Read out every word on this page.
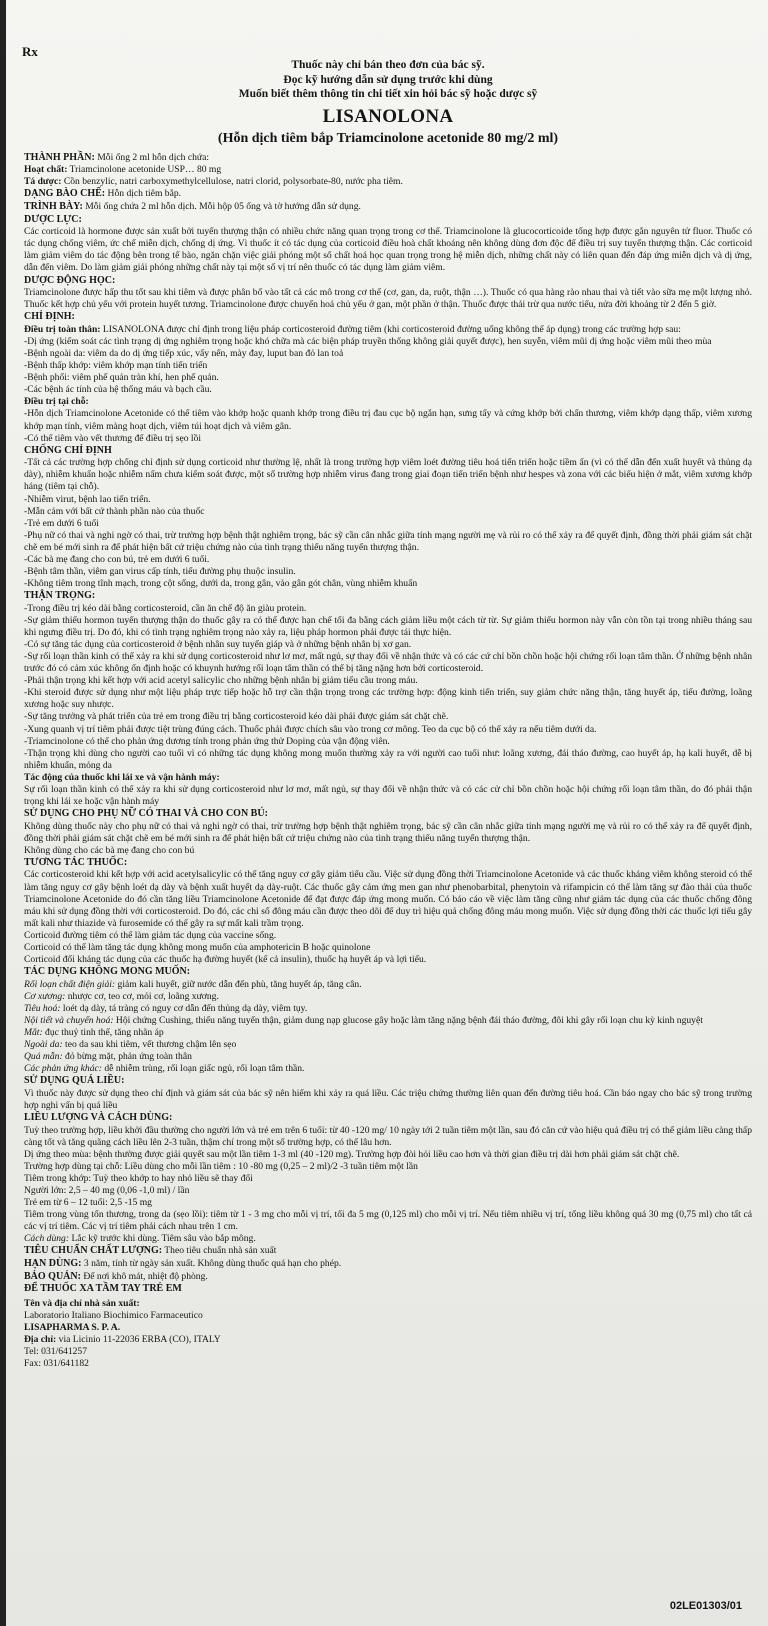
Rx
Thuốc này chỉ bán theo đơn của bác sỹ.
Đọc kỹ hướng dẫn sử dụng trước khi dùng
Muốn biết thêm thông tin chi tiết xin hỏi bác sỹ hoặc dược sỹ
LISANOLONA
(Hỗn dịch tiêm bắp Triamcinolone acetonide 80 mg/2 ml)

THÀNH PHẦN: Mỗi ống 2 ml hỗn dịch chứa:

Hoạt chất: Triamcinolone acetonide USP… 80 mg

Tá dược: Cồn benzylic, natri carboxymethylcellulose, natri clorid, polysorbate-80, nước pha tiêm.

DẠNG BÀO CHẾ: Hỗn dịch tiêm bắp.

TRÌNH BÀY: Mỗi ống chứa 2 ml hỗn dịch. Mỗi hộp 05 ống và tờ hướng dẫn sử dụng.

DƯỢC LỰC:

Các corticoid là hormone được sản xuất bởi tuyến thượng thận có nhiều chức năng quan trọng trong cơ thể. Triamcinolone là glucocorticoide tổng hợp được gắn nguyên tử fluor. Thuốc có tác dụng chống viêm, ức chế miễn dịch, chống dị ứng. Vì thuốc ít có tác dụng của corticoid điều hoà chất khoáng nên không dùng đơn độc để điều trị suy tuyến thượng thận. Các corticoid làm giảm viêm do tác động bên trong tế bào, ngăn chặn việc giải phóng một số chất hoá học quan trọng trong hệ miễn dịch, những chất này có liên quan đến đáp ứng miễn dịch và dị ứng, dẫn đến viêm. Do làm giảm giải phóng những chất này tại một số vị trí nên thuốc có tác dụng làm giảm viêm.

DƯỢC ĐỘNG HỌC:

Triamcinolone được hấp thu tốt sau khi tiêm và được phân bố vào tất cả các mô trong cơ thể (cơ, gan, da, ruột, thận …). Thuốc có qua hàng rào nhau thai và tiết vào sữa mẹ một lượng nhỏ. Thuốc kết hợp chủ yếu với protein huyết tương. Triamcinolone được chuyển hoá chủ yếu ở gan, một phần ở thận. Thuốc được thải trừ qua nước tiểu, nửa đời khoảng từ 2 đến 5 giờ.

CHỈ ĐỊNH:

Điều trị toàn thân: LISANOLONA được chỉ định trong liệu pháp corticosteroid đường tiêm (khi corticosteroid đường uống không thể áp dụng) trong các trường hợp sau:

-Dị ứng (kiểm soát các tình trạng dị ứng nghiêm trọng hoặc khó chữa mà các biện pháp truyền thống không giải quyết được), hen suyễn, viêm mũi dị ứng hoặc viêm mũi theo mùa

-Bệnh ngoài da: viêm da do dị ứng tiếp xúc, vẩy nến, mày đay, luput ban đỏ lan toả

-Bệnh thấp khớp: viêm khớp mạn tính tiến triển

-Bệnh phổi: viêm phế quản tràn khí, hen phế quản.

-Các bệnh ác tính của hệ thống máu và bạch cầu.

Điều trị tại chỗ:

-Hỗn dịch Triamcinolone Acetonide có thể tiêm vào khớp hoặc quanh khớp trong điều trị đau cục bộ ngắn hạn, sưng tấy và cứng khớp bởi chấn thương, viêm khớp dạng thấp, viêm xương khớp mạn tính, viêm màng hoạt dịch, viêm túi hoạt dịch và viêm gân.

-Có thể tiêm vào vết thương để điều trị sẹo lồi

CHỐNG CHỈ ĐỊNH

-Tất cả các trường hợp chống chỉ định sử dụng corticoid như thường lệ, nhất là trong trường hợp viêm loét đường tiêu hoá tiến triển hoặc tiềm ẩn (vì có thể dẫn đến xuất huyết và thủng dạ dày), nhiễm khuẩn hoặc nhiễm nấm chưa kiểm soát được, một số trường hợp nhiễm virus đang trong giai đoạn tiến triển bệnh như hespes và zona với các biểu hiện ở mắt, viêm xương khớp háng (tiêm tại chỗ).

-Nhiễm virut, bệnh lao tiến triển.

-Mẫn cảm với bất cứ thành phần nào của thuốc

-Trẻ em dưới 6 tuổi

-Phụ nữ có thai và nghi ngờ có thai, trừ trường hợp bệnh thật nghiêm trọng, bác sỹ cần cân nhắc giữa tính mạng người mẹ và rủi ro có thể xảy ra để quyết định, đồng thời phải giám sát chặt chẽ em bé mới sinh ra để phát hiện bất cứ triệu chứng nào của tình trạng thiểu năng tuyến thượng thận.

-Các bà mẹ đang cho con bú, trẻ em dưới 6 tuổi.

-Bệnh tâm thần, viêm gan virus cấp tính, tiểu đường phụ thuộc insulin.

-Không tiêm trong tĩnh mạch, trong cột sống, dưới da, trong gân, vào gân gót chân, vùng nhiễm khuẩn

THẬN TRỌNG:

-Trong điều trị kéo dài bằng corticosteroid, cần ăn chế độ ăn giàu protein.

-Sự giảm thiểu hormon tuyến thượng thận do thuốc gây ra có thể được hạn chế tối đa bằng cách giảm liều một cách từ từ. Sự giảm thiểu hormon này vẫn còn tồn tại trong nhiều tháng sau khi ngưng điều trị. Do đó, khi có tình trạng nghiêm trọng nào xảy ra, liệu pháp hormon phải được tái thực hiện.

-Có sự tăng tác dụng của corticosteroid ở bệnh nhân suy tuyến giáp và ở những bệnh nhân bị xơ gan.

-Sự rối loạn thần kinh có thể xảy ra khi sử dụng corticosteroid như lơ mơ, mất ngủ, sự thay đổi về nhận thức và có các cứ chỉ bồn chồn hoặc hội chứng rối loạn tâm thần. Ở những bệnh nhân trước đó có cảm xúc không ổn định hoặc có khuynh hướng rối loạn tâm thần có thể bị tăng nặng hơn bởi corticosteroid.

-Phải thận trọng khi kết hợp với acid acetyl salicylic cho những bệnh nhân bị giảm tiểu cầu trong máu.

-Khi steroid được sử dụng như một liệu pháp trực tiếp hoặc hỗ trợ cần thận trọng trong các trường hợp: động kinh tiến triển, suy giảm chức năng thận, tăng huyết áp, tiểu đường, loãng xương hoặc suy nhược.

-Sự tăng trưởng và phát triển của trẻ em trong điều trị bằng corticosteroid kéo dài phải được giám sát chặt chẽ.

-Xung quanh vị trí tiêm phải được tiệt trùng đúng cách. Thuốc phải được chích sâu vào trong cơ mông. Teo da cục bộ có thể xảy ra nếu tiêm dưới da.

-Triamcinolone có thể cho phản ứng dương tính trong phản ứng thử Doping của vận động viên.

-Thận trọng khi dùng cho người cao tuổi vì có những tác dụng không mong muốn thường xảy ra với người cao tuổi như: loãng xương, đái tháo đường, cao huyết áp, hạ kali huyết, dễ bị nhiễm khuẩn, mỏng da

Tác động của thuốc khi lái xe và vận hành máy:

Sự rối loạn thần kinh có thể xảy ra khi sử dụng corticosteroid như lơ mơ, mất ngủ, sự thay đổi về nhận thức và có các cử chỉ bồn chồn hoặc hội chứng rối loạn tâm thần, do đó phải thận trọng khi lái xe hoặc vận hành máy

SỬ DỤNG CHO PHỤ NỮ CÓ THAI VÀ CHO CON BÚ:

Không dùng thuốc này cho phụ nữ có thai và nghi ngờ có thai, trừ trường hợp bệnh thật nghiêm trọng, bác sỹ cần cân nhắc giữa tính mạng người mẹ và rủi ro có thể xảy ra để quyết định, đồng thời phải giám sát chặt chẽ em bé mới sinh ra để phát hiện bất cứ triệu chứng nào của tình trạng thiểu năng tuyến thượng thận.

Không dùng cho các bà mẹ đang cho con bú

TƯƠNG TÁC THUỐC:

Các corticosteroid khi kết hợp với acid acetylsalicylic có thể tăng nguy cơ gây giảm tiểu cầu. Việc sử dụng đồng thời Triamcinolone Acetonide và các thuốc kháng viêm không steroid có thể làm tăng nguy cơ gây bệnh loét dạ dày và bệnh xuất huyết dạ dày-ruột. Các thuốc gây cảm ứng men gan như phenobarbital, phenytoin và rifampicin có thể làm tăng sự đào thải của thuốc Triamcinolone Acetonide do đó cần tăng liều Triamcinolone Acetonide để đạt được đáp ứng mong muốn. Có báo cáo về việc làm tăng cũng như giảm tác dụng của các thuốc chống đông máu khi sử dụng đồng thời với corticosteroid. Do đó, các chỉ số đông máu cần được theo dõi để duy trì hiệu quả chống đông máu mong muốn. Việc sử dụng đồng thời các thuốc lợi tiểu gây mất kali như thiazide và furosemide có thể gây ra sự mất kali trầm trọng.

Corticoid đường tiêm có thể làm giảm tác dụng của vaccine sống.

Corticoid có thể làm tăng tác dụng không mong muốn của amphotericin B hoặc quinolone

Corticoid đối kháng tác dụng của các thuốc hạ đường huyết (kể cả insulin), thuốc hạ huyết áp và lợi tiểu.

TÁC DỤNG KHÔNG MONG MUỐN:

Rối loạn chất điện giải: giảm kali huyết, giữ nước dẫn đến phù, tăng huyết áp, tăng cân.

Cơ xương: nhược cơ, teo cơ, mỏi cơ, loãng xương.

Tiêu hoá: loét dạ dày, tá tràng có nguy cơ dẫn đến thủng dạ dày, viêm tụy.

Nội tiết và chuyển hoá: Hội chứng Cushing, thiểu năng tuyến thận, giảm dung nạp glucose gây hoặc làm tăng nặng bệnh đái tháo đường, đôi khi gây rối loạn chu kỳ kinh nguyệt

Mắt: đục thuỷ tinh thể, tăng nhãn áp

Ngoài da: teo da sau khi tiêm, vết thương chậm lên sẹo

Quá mẫn: đỏ bừng mặt, phản ứng toàn thân

Các phản ứng khác: dễ nhiễm trùng, rối loạn giấc ngủ, rối loạn tâm thần.

SỬ DỤNG QUÁ LIỀU:

Vì thuốc này được sử dụng theo chỉ định và giám sát của bác sỹ nên hiếm khi xảy ra quá liều. Các triệu chứng thường liên quan đến đường tiêu hoá. Cần báo ngay cho bác sỹ trong trường hợp nghi vấn bị quá liều

LIỀU LƯỢNG VÀ CÁCH DÙNG:

Tuỳ theo trường hợp, liều khởi đầu thường cho người lớn và trẻ em trên 6 tuổi: từ 40 -120 mg/ 10 ngày tới 2 tuần tiêm một lần, sau đó căn cứ vào hiệu quả điều trị có thể giảm liều càng thấp càng tốt và tăng quãng cách liều lên 2-3 tuần, thậm chí trong một số trường hợp, có thể lâu hơn.

Dị ứng theo mùa: bệnh thường được giải quyết sau một lần tiêm 1-3 ml (40 -120 mg). Trường hợp đòi hỏi liều cao hơn và thời gian điều trị dài hơn phải giám sát chặt chẽ.

Trường hợp dùng tại chỗ: Liều dùng cho mỗi lần tiêm : 10 -80 mg (0,25 – 2 ml)/2 -3 tuần tiêm một lần

Tiêm trong khớp: Tuỳ theo khớp to hay nhỏ liều sẽ thay đổi

Người lớn: 2,5 – 40 mg (0,06 -1,0 ml) / lần

Trẻ em từ 6 – 12 tuổi: 2,5 -15 mg

Tiêm trong vùng tổn thương, trong da (sẹo lồi): tiêm từ 1 - 3 mg cho mỗi vị trí, tối đa 5 mg (0,125 ml) cho mỗi vị trí. Nếu tiêm nhiều vị trí, tổng liều không quá 30 mg (0,75 ml) cho tất cả các vị trí tiêm. Các vị trí tiêm phải cách nhau trên 1 cm.

Cách dùng: Lắc kỹ trước khi dùng. Tiêm sâu vào bắp mông.

TIÊU CHUẨN CHẤT LƯỢNG: Theo tiêu chuẩn nhà sản xuất

HẠN DÙNG: 3 năm, tính từ ngày sản xuất. Không dùng thuốc quá hạn cho phép.

BẢO QUẢN: Để nơi khô mát, nhiệt độ phòng.

ĐỂ THUỐC XA TẦM TAY TRẺ EM

Tên và địa chỉ nhà sản xuất:

Laboratorio Italiano Biochimico Farmaceutico

LISAPHARMA S. P. A.

Địa chỉ: via Licinio 11-22036 ERBA (CO), ITALY

Tel: 031/641257

Fax: 031/641182

02LE01303/01
